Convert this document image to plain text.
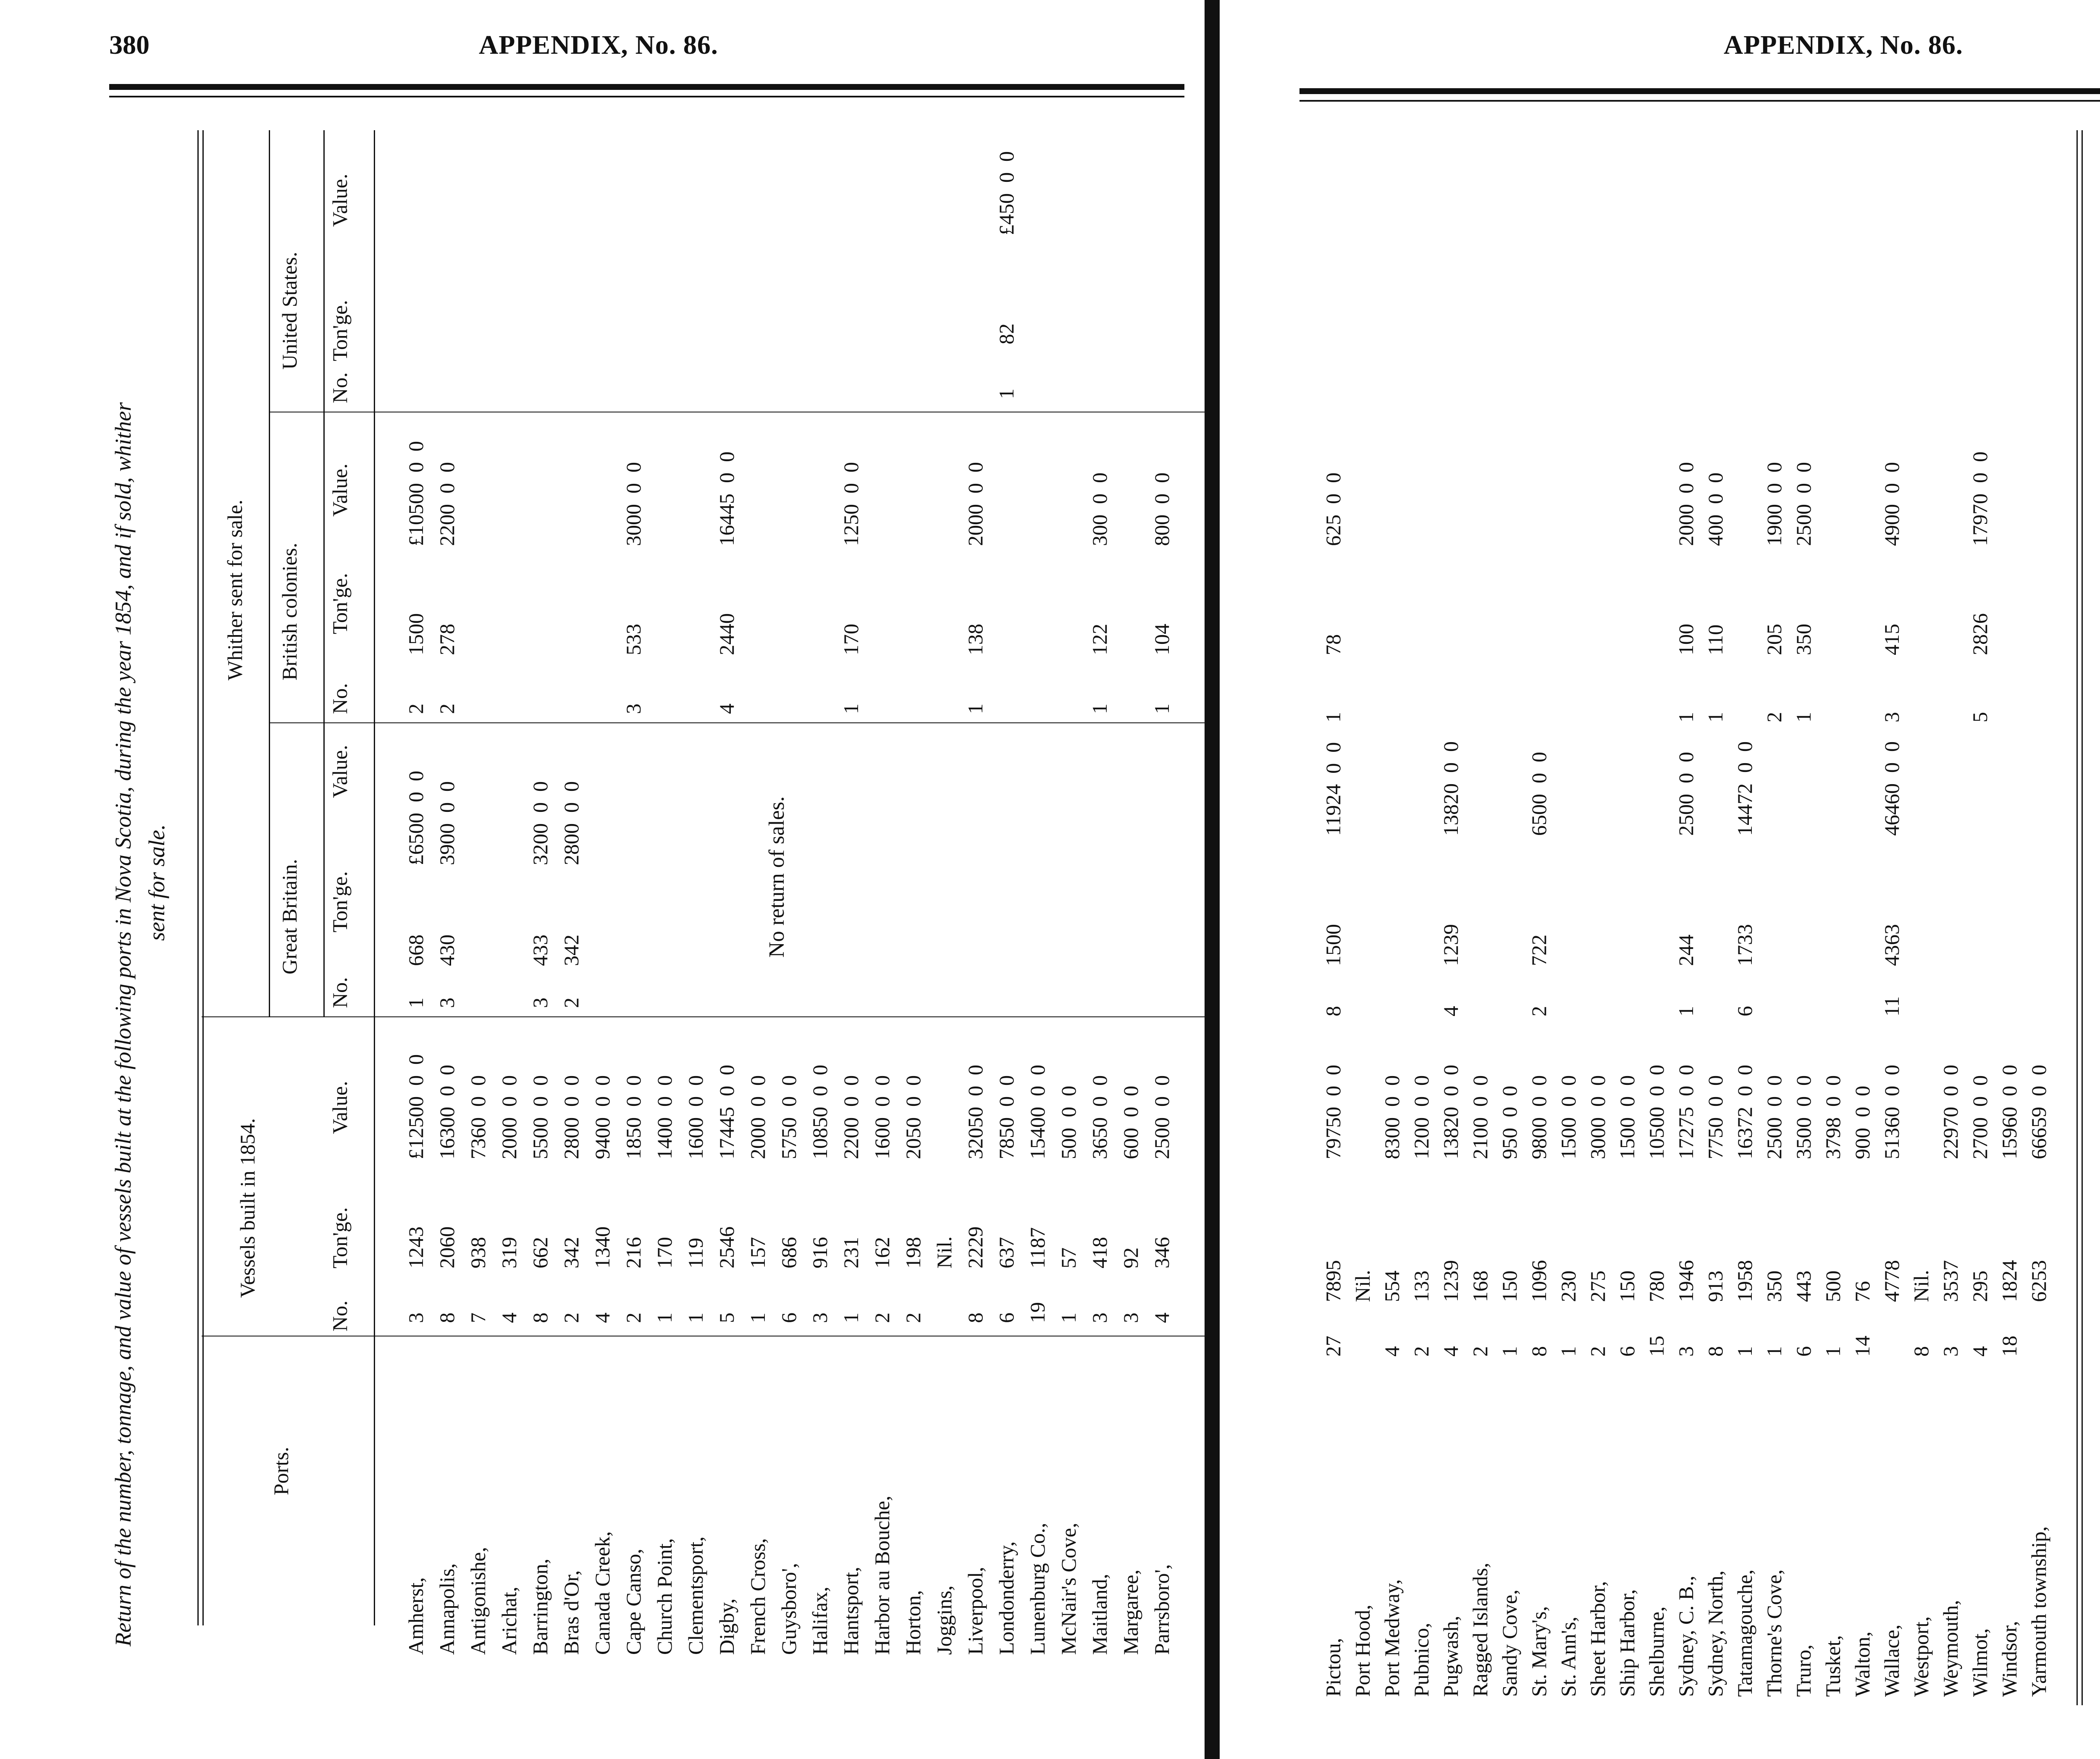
380	APPENDIX, No. 86.
Return of the number, tonnage, and value of vessels built at the following ports in Nova Scotia, during the year 1854, and if sold, whither sent for sale.
Ports.
Vessels built in 1854.
Whither sent for sale.
Great Britain.
British colonies.
United States.
No.
Ton'ge.
Value.
No.
Ton'ge.
Value.
No.
Ton'ge.
Value.
No.
Ton'ge.
Value.
No return of sales.
Amherst,
3
1243
£12500  0  0
Annapolis,
8
2060
16300  0  0
Antigonishe,
7
938
7360  0  0
Arichat,
4
319
2000  0  0
Barrington,
8
662
5500  0  0
Bras d'Or,
2
342
2800  0  0
Canada Creek,
4
1340
9400  0  0
Cape Canso,
2
216
1850  0  0
Church Point,
1
170
1400  0  0
Clementsport,
1
119
1600  0  0
Digby,
5
2546
17445  0  0
French Cross,
1
157
2000  0  0
Guysboro',
6
686
5750  0  0
Halifax,
3
916
10850  0  0
Hantsport,
1
231
2200  0  0
Harbor au Bouche,
2
162
1600  0  0
Horton,
2
198
2050  0  0
Joggins,
Nil.
Liverpool,
8
2229
32050  0  0
Londonderry,
6
637
7850  0  0
Lunenburg Co.,
19
1187
15400  0  0
McNair's Cove,
1
57
500  0  0
Maitland,
3
418
3650  0  0
Margaree,
3
92
600  0  0
Parrsboro',
4
346
2500  0  0
1
668
£6500  0  0
3
430
3900  0  0
3
433
3200  0  0
2
342
2800  0  0
2
1500
£10500  0  0
2
278
2200  0  0
3
533
3000  0  0
4
2440
16445  0  0
1
170
1250  0  0
1
138
2000  0  0
1
122
300  0  0
1
104
800  0  0
1
82
£450  0  0
APPENDIX, No. 86.
Pictou,
27
7895
79750  0  0
Port Hood,
Nil.
Port Medway,
4
554
8300  0  0
Pubnico,
2
133
1200  0  0
Pugwash,
4
1239
13820  0  0
Ragged Islands,
2
168
2100  0  0
Sandy Cove,
1
150
950  0  0
St. Mary's,
8
1096
9800  0  0
St. Ann's,
1
230
1500  0  0
Sheet Harbor,
2
275
3000  0  0
Ship Harbor,
6
150
1500  0  0
Shelburne,
15
780
10500  0  0
Sydney, C. B.,
3
1946
17275  0  0
Sydney, North,
8
913
7750  0  0
Tatamagouche,
1
1958
16372  0  0
Thorne's Cove,
1
350
2500  0  0
Truro,
6
443
3500  0  0
Tusket,
1
500
3798  0  0
Walton,
14
76
900  0  0
Wallace,
4778
51360  0  0
Westport,
8
Nil.
Weymouth,
3
3537
22970  0  0
Wilmot,
4
295
2700  0  0
Windsor,
18
1824
15960  0  0
Yarmouth township,
6253
66659  0  0
8
1500
11924  0  0
4
1239
13820  0  0
2
722
6500  0  0
1
244
2500  0  0
6
1733
14472  0  0
11
4363
46460  0  0
1
78
625  0  0
1
100
2000  0  0
1
110
400  0  0
2
205
1900  0  0
1
350
2500  0  0
3
415
4900  0  0
5
2826
17970  0  0
